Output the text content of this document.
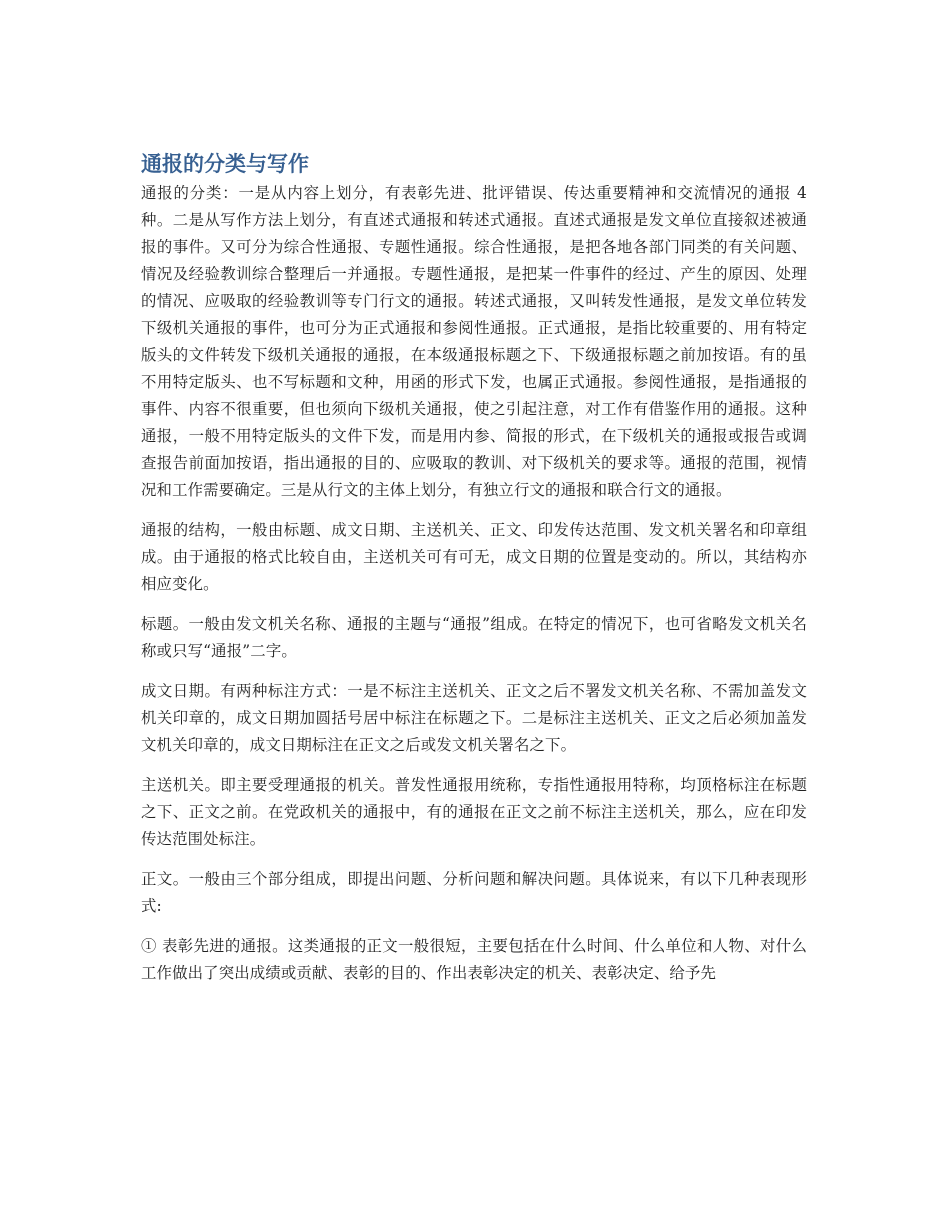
通报的分类与写作

通报的分类：一是从内容上划分，有表彰先进、批评错误、传达重要精神和交流情况的通报 4 种。二是从写作方法上划分，有直述式通报和转述式通报。直述式通报是发文单位直接叙述被通报的事件。又可分为综合性通报、专题性通报。综合性通报，是把各地各部门同类的有关问题、情况及经验教训综合整理后一并通报。专题性通报，是把某一件事件的经过、产生的原因、处理的情况、应吸取的经验教训等专门行文的通报。转述式通报，又叫转发性通报，是发文单位转发下级机关通报的事件，也可分为正式通报和参阅性通报。正式通报，是指比较重要的、用有特定版头的文件转发下级机关通报的通报，在本级通报标题之下、下级通报标题之前加按语。有的虽不用特定版头、也不写标题和文种，用函的形式下发，也属正式通报。参阅性通报，是指通报的事件、内容不很重要，但也须向下级机关通报，使之引起注意，对工作有借鉴作用的通报。这种通报，一般不用特定版头的文件下发，而是用内参、简报的形式，在下级机关的通报或报告或调查报告前面加按语，指出通报的目的、应吸取的教训、对下级机关的要求等。通报的范围，视情况和工作需要确定。三是从行文的主体上划分，有独立行文的通报和联合行文的通报。

通报的结构，一般由标题、成文日期、主送机关、正文、印发传达范围、发文机关署名和印章组成。由于通报的格式比较自由，主送机关可有可无，成文日期的位置是变动的。所以，其结构亦相应变化。

标题。一般由发文机关名称、通报的主题与“通报”组成。在特定的情况下，也可省略发文机关名称或只写“通报”二字。

成文日期。有两种标注方式：一是不标注主送机关、正文之后不署发文机关名称、不需加盖发文机关印章的，成文日期加圆括号居中标注在标题之下。二是标注主送机关、正文之后必须加盖发文机关印章的，成文日期标注在正文之后或发文机关署名之下。

主送机关。即主要受理通报的机关。普发性通报用统称，专指性通报用特称，均顶格标注在标题之下、正文之前。在党政机关的通报中，有的通报在正文之前不标注主送机关，那么，应在印发传达范围处标注。

正文。一般由三个部分组成，即提出问题、分析问题和解决问题。具体说来，有以下几种表现形式:

① 表彰先进的通报。这类通报的正文一般很短，主要包括在什么时间、什么单位和人物、对什么工作做出了突出成绩或贡献、表彰的目的、作出表彰决定的机关、表彰决定、给予先
